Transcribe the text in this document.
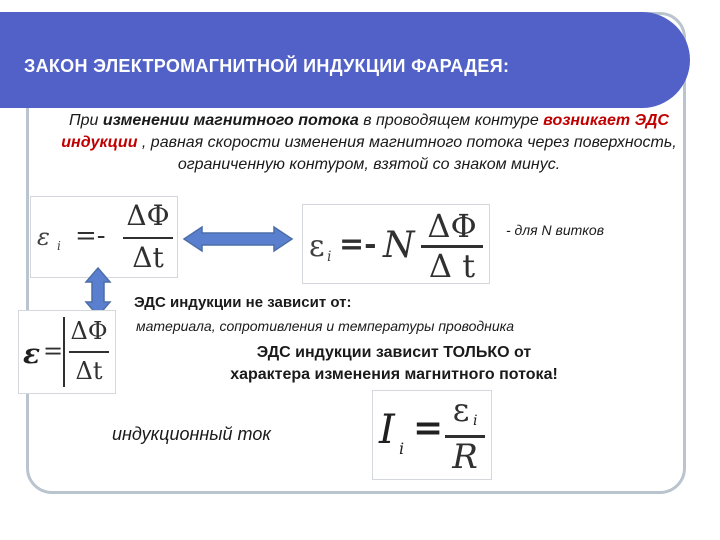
ЗАКОН ЭЛЕКТРОМАГНИТНОЙ ИНДУКЦИИ ФАРАДЕЯ:
При изменении магнитного потока в проводящем контуре возникает ЭДС индукции , равная скорости изменения магнитного потока через поверхность, ограниченную контуром, взятой со знаком минус.
ε i =-
ΔΦ
Δt	ε i =- N ΔΦ
Δ t
- для N витков
ε =
ΔΦ
Δt
ЭДС индукции не зависит от:
материала, сопротивления и температуры проводника
ЭДС индукции зависит ТОЛЬКО от
характера изменения магнитного потока!
индукционный ток	I i = ε i
R
